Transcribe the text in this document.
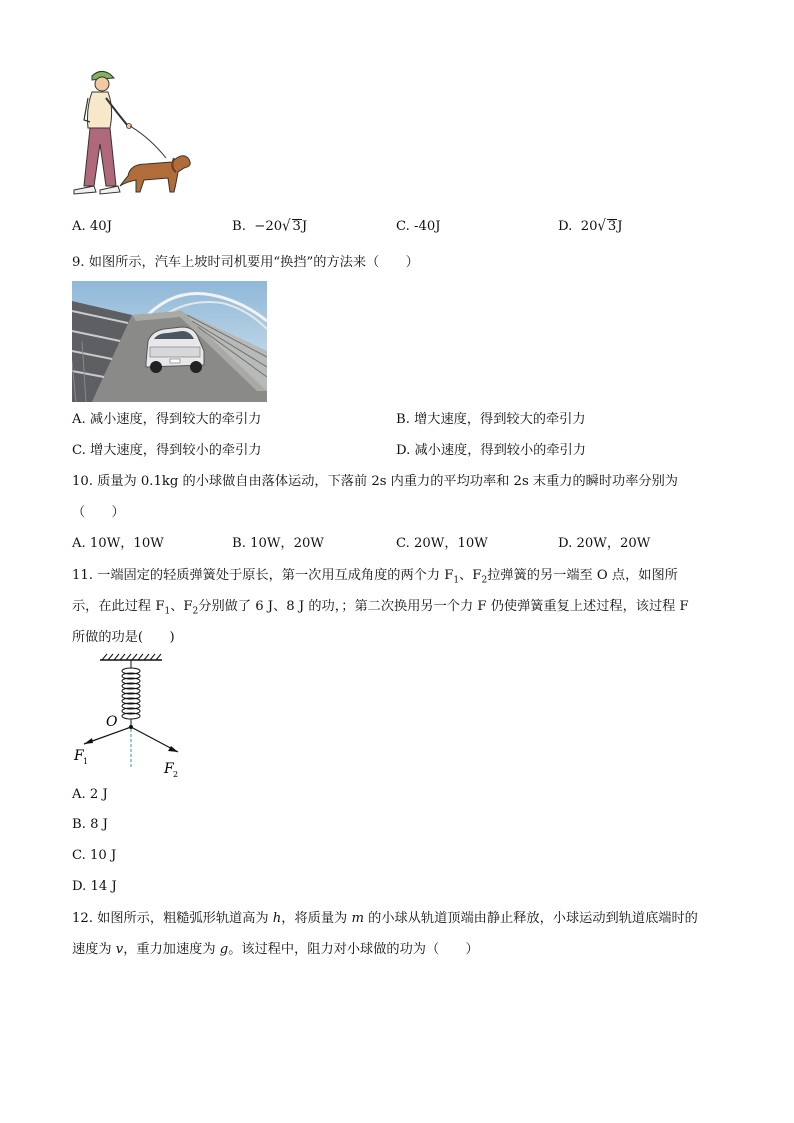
A. 40J	B. −20√ 3J	C. -40J	D. 20√ 3J
9. 如图所示，汽车上坡时司机要用“换挡”的方法来（　　）
A. 减小速度，得到较大的牵引力	B. 增大速度，得到较大的牵引力
C. 增大速度，得到较小的牵引力	D. 减小速度，得到较小的牵引力
10. 质量为 0.1kg 的小球做自由落体运动，下落前 2s 内重力的平均功率和 2s 末重力的瞬时功率分别为
（　　）
A. 10W，10W	B. 10W，20W	C. 20W，10W	D. 20W，20W
11. 一端固定的轻质弹簧处于原长，第一次用互成角度的两个力 $F_1$、$F_2$拉弹簧的另一端至 O 点，如图所
示，在此过程 $F_1$、$F_2$分别做了 6 J、8 J 的功，；第二次换用另一个力 F 仍使弹簧重复上述过程，该过程 F
所做的功是(　　)
O
F 1	F 2
A. 2 J
B. 8 J
C. 10 J
D. 14 J
12. 如图所示，粗糙弧形轨道高为 h，将质量为 m 的小球从轨道顶端由静止释放，小球运动到轨道底端时的
速度为 v，重力加速度为 g。该过程中，阻力对小球做的功为（　　）
